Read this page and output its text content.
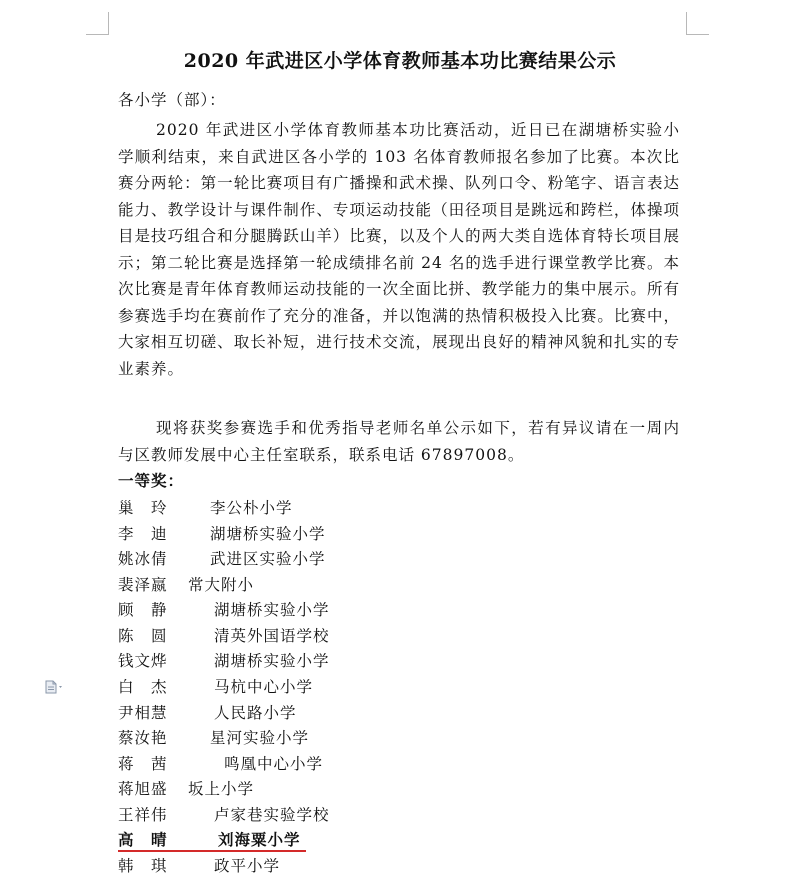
2020 年武进区小学体育教师基本功比赛结果公示
各小学（部）：

2020 年武进区小学体育教师基本功比赛活动，近日已在湖塘桥实验小学顺利结束，来自武进区各小学的 103 名体育教师报名参加了比赛。本次比赛分两轮：第一轮比赛项目有广播操和武术操、队列口令、粉笔字、语言表达能力、教学设计与课件制作、专项运动技能（田径项目是跳远和跨栏，体操项目是技巧组合和分腿腾跃山羊）比赛，以及个人的两大类自选体育特长项目展示；第二轮比赛是选择第一轮成绩排名前 24 名的选手进行课堂教学比赛。本次比赛是青年体育教师运动技能的一次全面比拼、教学能力的集中展示。所有参赛选手均在赛前作了充分的准备，并以饱满的热情积极投入比赛。比赛中，大家相互切磋、取长补短，进行技术交流，展现出良好的精神风貌和扎实的专业素养。

现将获奖参赛选手和优秀指导老师名单公示如下，若有异议请在一周内与区教师发展中心主任室联系，联系电话 67897008。

一等奖：
巢　玲	李公朴小学
李　迪	湖塘桥实验小学
姚冰倩	武进区实验小学
裴泽嬴 常大附小
顾　静	湖塘桥实验小学
陈　圆	清英外国语学校
钱文烨	湖塘桥实验小学
白　杰	马杭中心小学
尹相慧	人民路小学
蔡汝艳	星河实验小学
蒋　茜	鸣凰中心小学
蒋旭盛 坂上小学
王祥伟	卢家巷实验学校
高　晴	刘海粟小学
韩　琪	政平小学
